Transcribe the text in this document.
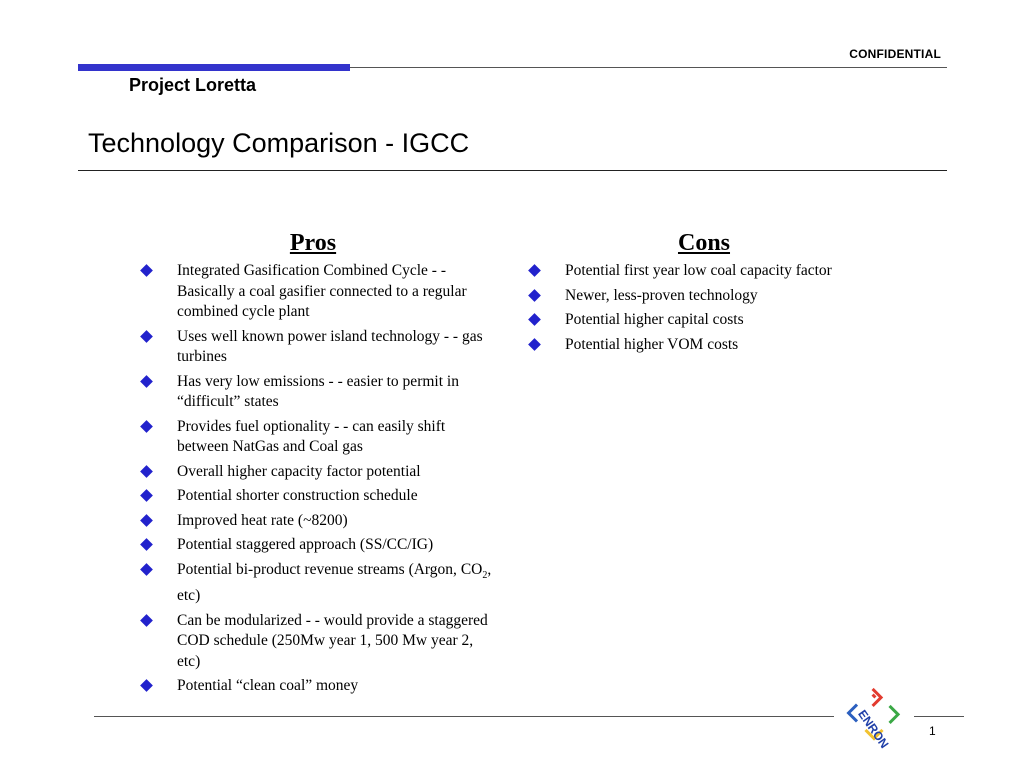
CONFIDENTIAL
Project Loretta
Technology Comparison - IGCC
Pros
Integrated Gasification Combined Cycle - - Basically a coal gasifier connected to a regular combined cycle plant
Uses well known power island technology - - gas turbines
Has very low emissions - - easier to permit in “difficult” states
Provides fuel optionality - - can easily shift between NatGas and Coal gas
Overall higher capacity factor potential
Potential shorter construction schedule
Improved heat rate (~8200)
Potential staggered approach (SS/CC/IG)
Potential bi-product revenue streams (Argon, $CO_2$, etc)
Can be modularized - - would provide a staggered COD schedule (250Mw year 1, 500 Mw year 2, etc)
Potential “clean coal” money
Cons
Potential first year low coal capacity factor
Newer, less-proven technology
Potential higher capital costs
Potential higher VOM costs
ENRON	1
